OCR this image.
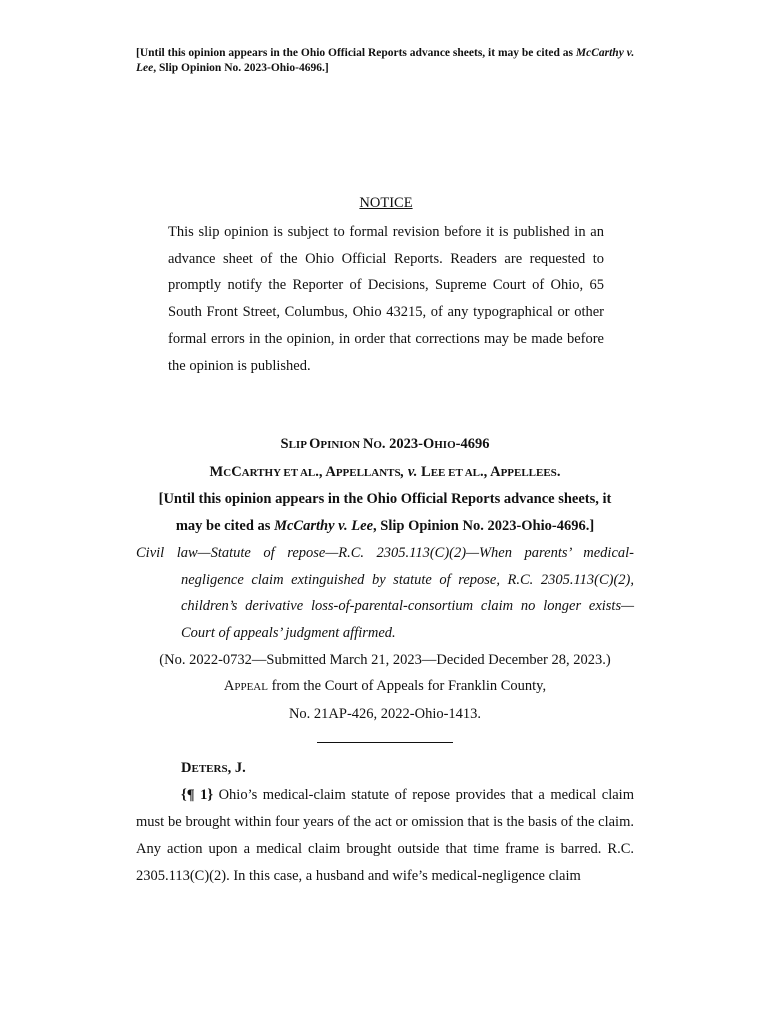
[Until this opinion appears in the Ohio Official Reports advance sheets, it may be cited as McCarthy v. Lee, Slip Opinion No. 2023-Ohio-4696.]
NOTICE

This slip opinion is subject to formal revision before it is published in an advance sheet of the Ohio Official Reports. Readers are requested to promptly notify the Reporter of Decisions, Supreme Court of Ohio, 65 South Front Street, Columbus, Ohio 43215, of any typographical or other formal errors in the opinion, in order that corrections may be made before the opinion is published.

SLIP OPINION NO. 2023-OHIO-4696
MCCARTHY ET AL., APPELLANTS, v. LEE ET AL., APPELLEES.
[Until this opinion appears in the Ohio Official Reports advance sheets, it
may be cited as McCarthy v. Lee, Slip Opinion No. 2023-Ohio-4696.]

Civil law—Statute of repose—R.C. 2305.113(C)(2)—When parents’ medical-negligence claim extinguished by statute of repose, R.C. 2305.113(C)(2), children’s derivative loss-of-parental-consortium claim no longer exists—Court of appeals’ judgment affirmed.

(No. 2022-0732—Submitted March 21, 2023—Decided December 28, 2023.)
APPEAL from the Court of Appeals for Franklin County,
No. 21AP-426, 2022-Ohio-1413.
DETERS, J.

{¶ 1} Ohio’s medical-claim statute of repose provides that a medical claim must be brought within four years of the act or omission that is the basis of the claim. Any action upon a medical claim brought outside that time frame is barred. R.C. 2305.113(C)(2). In this case, a husband and wife’s medical-negligence claim
